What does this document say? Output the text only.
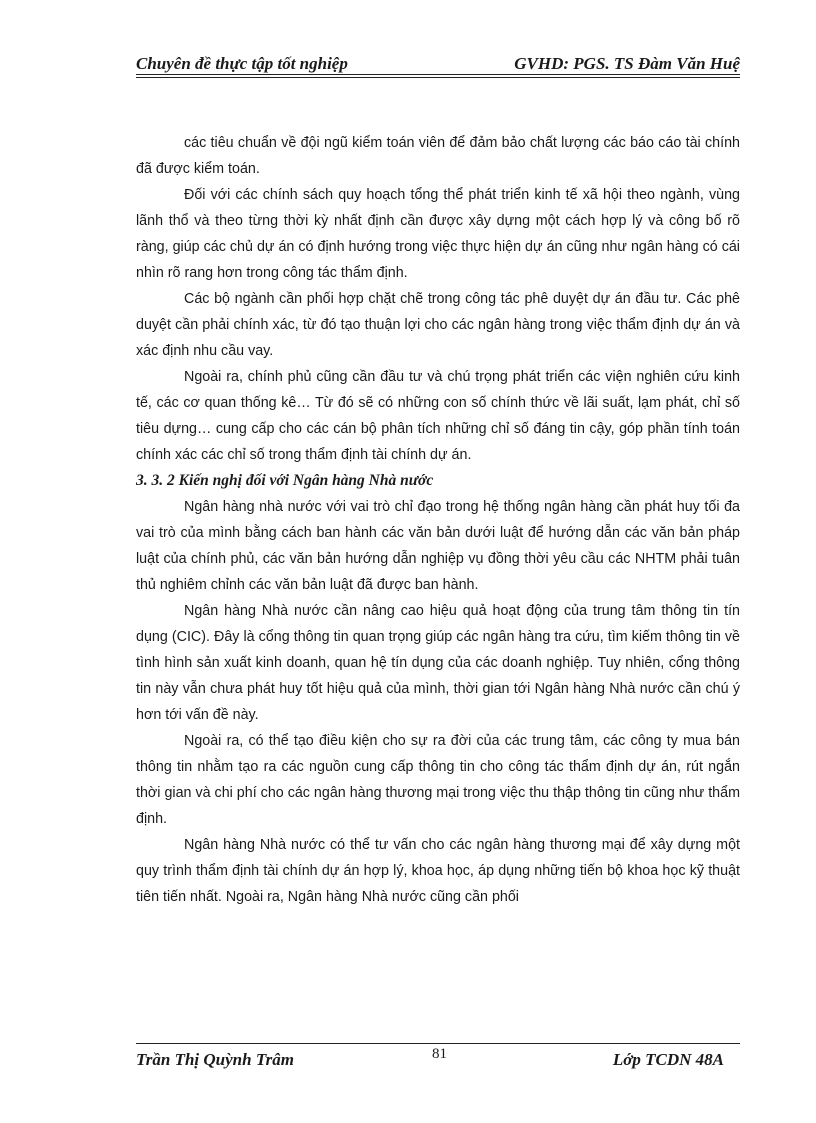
Chuyên đề thực tập tốt nghiệp	GVHD: PGS. TS Đàm Văn Huệ

các tiêu chuẩn về đội ngũ kiểm toán viên để đảm bảo chất lượng các báo cáo tài chính đã được kiểm toán.

Đối với các chính sách quy hoạch tổng thể phát triển kinh tế xã hội theo ngành, vùng lãnh thổ và theo từng thời kỳ nhất định cần được xây dựng một cách hợp lý và công bố rõ ràng, giúp các chủ dự án có định hướng trong việc thực hiện dự án cũng như ngân hàng có cái nhìn rõ rang hơn trong công tác thẩm định.

Các bộ ngành cần phối hợp chặt chẽ trong công tác phê duyệt dự án đầu tư. Các phê duyệt cần phải chính xác, từ đó tạo thuận lợi cho các ngân hàng trong việc thẩm định dự án và xác định nhu cầu vay.

Ngoài ra, chính phủ cũng cần đầu tư và chú trọng phát triển các viện nghiên cứu kinh tế, các cơ quan thống kê… Từ đó sẽ có những con số chính thức về lãi suất, lạm phát, chỉ số tiêu dựng… cung cấp cho các cán bộ phân tích những chỉ số đáng tin cậy, góp phần tính toán chính xác các chỉ số trong thẩm định tài chính dự án.

3. 3. 2 Kiến nghị đối với Ngân hàng Nhà nước

Ngân hàng nhà nước với vai trò chỉ đạo trong hệ thống ngân hàng cần phát huy tối đa vai trò của mình bằng cách ban hành các văn bản dưới luật để hướng dẫn các văn bản pháp luật của chính phủ, các văn bản hướng dẫn nghiệp vụ đồng thời yêu cầu các NHTM phải tuân thủ nghiêm chỉnh các văn bản luật đã được ban hành.

Ngân hàng Nhà nước cần nâng cao hiệu quả hoạt động của trung tâm thông tin tín dụng (CIC). Đây là cổng thông tin quan trọng giúp các ngân hàng tra cứu, tìm kiếm thông tin về tình hình sản xuất kinh doanh, quan hệ tín dụng của các doanh nghiệp. Tuy nhiên, cổng thông tin này vẫn chưa phát huy tốt hiệu quả của mình, thời gian tới Ngân hàng Nhà nước cần chú ý hơn tới vấn đề này.

Ngoài ra, có thể tạo điều kiện cho sự ra đời của các trung tâm, các công ty mua bán thông tin nhằm tạo ra các nguồn cung cấp thông tin cho công tác thẩm định dự án, rút ngắn thời gian và chi phí cho các ngân hàng thương mại trong việc thu thập thông tin cũng như thẩm định.

Ngân hàng Nhà nước có thể tư vấn cho các ngân hàng thương mại để xây dựng một quy trình thẩm định tài chính dự án hợp lý, khoa học, áp dụng những tiến bộ khoa học kỹ thuật tiên tiến nhất. Ngoài ra, Ngân hàng Nhà nước cũng cần phối

Trần Thị Quỳnh Trâm	81	Lớp TCDN 48A
